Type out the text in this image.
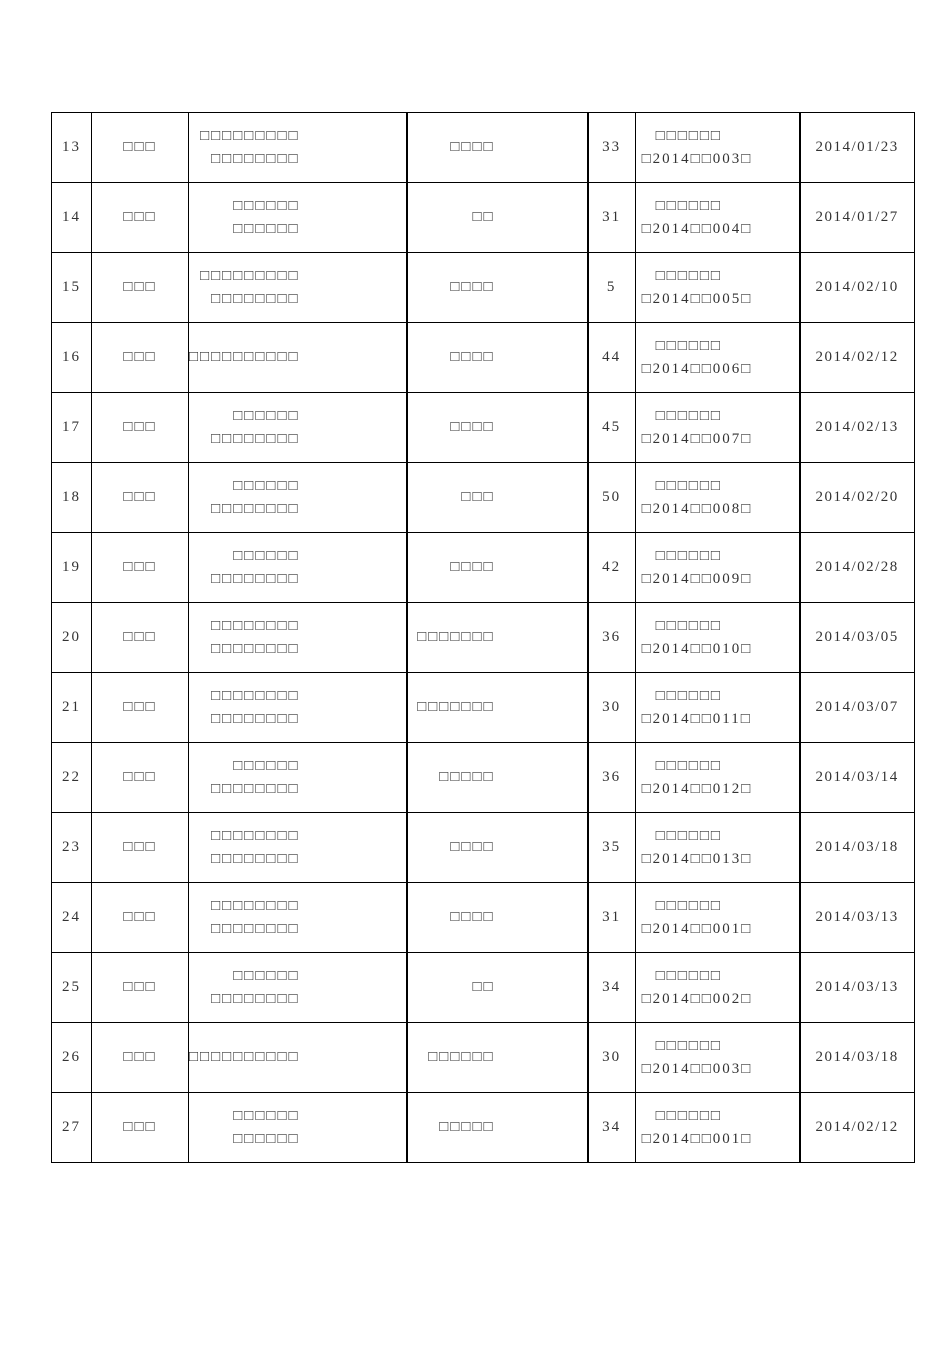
13	□□□	□□□□□□□□□
□□□□□□□□	□□□□	33	□□□□□□
□2014□□003□	2014/01/23
14	□□□	□□□□□□
□□□□□□	□□	31	□□□□□□
□2014□□004□	2014/01/27
15	□□□	□□□□□□□□□
□□□□□□□□	□□□□	5	□□□□□□
□2014□□005□	2014/02/10
16	□□□	□□□□□□□□□□	□□□□	44	□□□□□□
□2014□□006□	2014/02/12
17	□□□	□□□□□□
□□□□□□□□	□□□□	45	□□□□□□
□2014□□007□	2014/02/13
18	□□□	□□□□□□
□□□□□□□□	□□□	50	□□□□□□
□2014□□008□	2014/02/20
19	□□□	□□□□□□
□□□□□□□□	□□□□	42	□□□□□□
□2014□□009□	2014/02/28
20	□□□	□□□□□□□□
□□□□□□□□	□□□□□□□	36	□□□□□□
□2014□□010□	2014/03/05
21	□□□	□□□□□□□□
□□□□□□□□	□□□□□□□	30	□□□□□□
□2014□□011□	2014/03/07
22	□□□	□□□□□□
□□□□□□□□	□□□□□	36	□□□□□□
□2014□□012□	2014/03/14
23	□□□	□□□□□□□□
□□□□□□□□	□□□□	35	□□□□□□
□2014□□013□	2014/03/18
24	□□□	□□□□□□□□
□□□□□□□□	□□□□	31	□□□□□□
□2014□□001□	2014/03/13
25	□□□	□□□□□□
□□□□□□□□	□□	34	□□□□□□
□2014□□002□	2014/03/13
26	□□□	□□□□□□□□□□	□□□□□□	30	□□□□□□
□2014□□003□	2014/03/18
27	□□□	□□□□□□
□□□□□□	□□□□□	34	□□□□□□
□2014□□001□	2014/02/12
